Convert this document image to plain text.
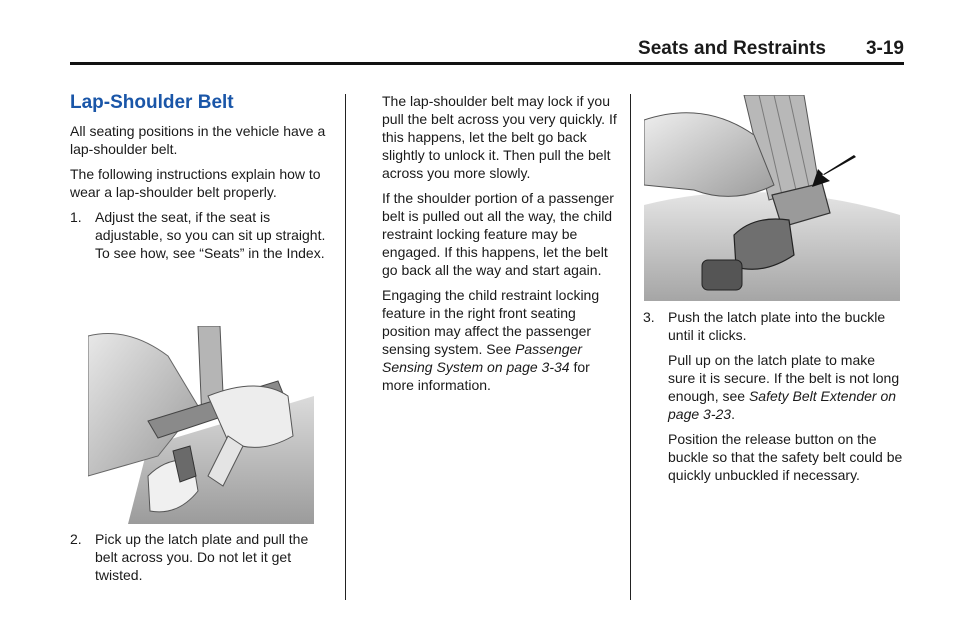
Seats and Restraints 3-19
Lap-Shoulder Belt

All seating positions in the vehicle have a lap-shoulder belt.

The following instructions explain how to wear a lap-shoulder belt properly.

1. Adjust the seat, if the seat is adjustable, so you can sit up straight. To see how, see “Seats” in the Index.
2. Pick up the latch plate and pull the belt across you. Do not let it get twisted.

The lap-shoulder belt may lock if you pull the belt across you very quickly. If this happens, let the belt go back slightly to unlock it. Then pull the belt across you more slowly.

If the shoulder portion of a passenger belt is pulled out all the way, the child restraint locking feature may be engaged. If this happens, let the belt go back all the way and start again.

Engaging the child restraint locking feature in the right front seating position may affect the passenger sensing system. See Passenger Sensing System on page 3-34 for more information.

3. Push the latch plate into the buckle until it clicks.

Pull up on the latch plate to make sure it is secure. If the belt is not long enough, see Safety Belt Extender on page 3-23.

Position the release button on the buckle so that the safety belt could be quickly unbuckled if necessary.
